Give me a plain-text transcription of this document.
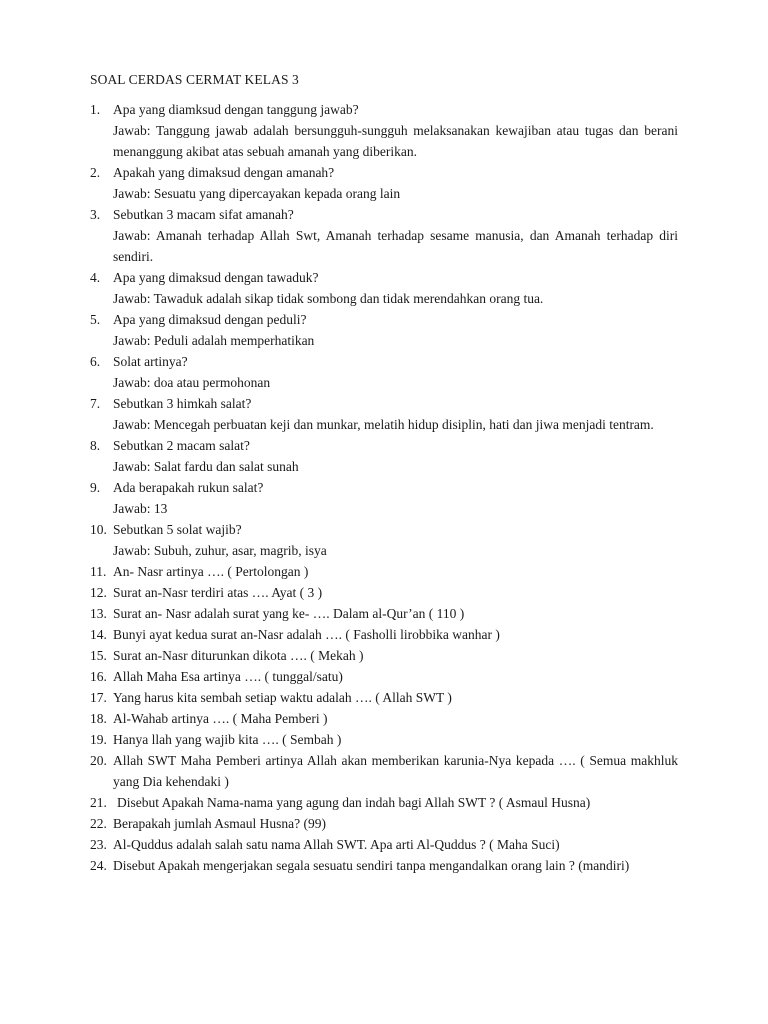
SOAL CERDAS CERMAT KELAS 3
1. Apa yang diamksud dengan tanggung jawab?
Jawab: Tanggung jawab adalah bersungguh-sungguh melaksanakan kewajiban atau tugas dan berani menanggung akibat atas sebuah amanah yang diberikan.
2. Apakah yang dimaksud dengan amanah?
Jawab: Sesuatu yang dipercayakan kepada orang lain
3. Sebutkan 3 macam sifat amanah?
Jawab: Amanah terhadap Allah Swt, Amanah terhadap sesame manusia, dan Amanah terhadap diri sendiri.
4. Apa yang dimaksud dengan tawaduk?
Jawab: Tawaduk adalah sikap tidak sombong dan tidak merendahkan orang tua.
5. Apa yang dimaksud dengan peduli?
Jawab: Peduli adalah memperhatikan
6. Solat artinya?
Jawab: doa atau permohonan
7. Sebutkan 3 himkah salat?
Jawab: Mencegah perbuatan keji dan munkar, melatih hidup disiplin, hati dan jiwa menjadi tentram.
8. Sebutkan 2 macam salat?
Jawab: Salat fardu dan salat sunah
9. Ada berapakah rukun salat?
Jawab: 13
10. Sebutkan 5 solat wajib?
Jawab: Subuh, zuhur, asar, magrib, isya
11. An- Nasr artinya …. ( Pertolongan )
12. Surat an-Nasr terdiri atas …. Ayat ( 3 )
13. Surat an- Nasr adalah surat yang ke- …. Dalam al-Qur’an ( 110 )
14. Bunyi ayat kedua surat an-Nasr adalah …. ( Fasholli lirobbika wanhar )
15. Surat an-Nasr diturunkan dikota …. ( Mekah )
16. Allah Maha Esa artinya …. ( tunggal/satu)
17. Yang harus kita sembah setiap waktu adalah …. ( Allah SWT )
18. Al-Wahab artinya …. ( Maha Pemberi )
19. Hanya llah yang wajib kita …. ( Sembah )
20. Allah SWT Maha Pemberi artinya Allah akan memberikan karunia-Nya kepada …. ( Semua makhluk yang Dia kehendaki )
21. Disebut Apakah Nama-nama yang agung dan indah bagi Allah SWT ? ( Asmaul Husna)
22. Berapakah jumlah Asmaul Husna? (99)
23. Al-Quddus adalah salah satu nama Allah SWT. Apa arti Al-Quddus ? ( Maha Suci)
24. Disebut Apakah mengerjakan segala sesuatu sendiri tanpa mengandalkan orang lain ? (mandiri)
